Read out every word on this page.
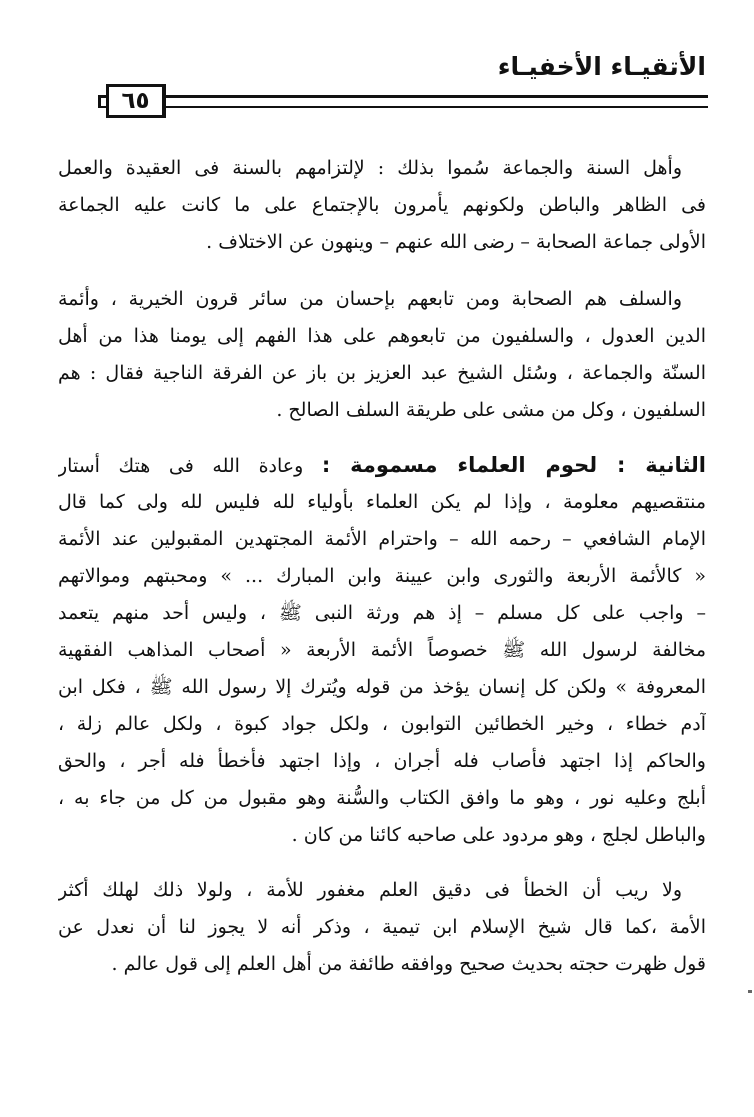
الأتقيـاء الأخفيـاء
٦٥
وأهل السنة والجماعة سُموا بذلك : لإلتزامهم بالسنة فى العقيدة والعمل
فى الظاهر والباطن ولكونهم يأمرون بالإجتماع على ما كانت عليه الجماعة
الأولى جماعة الصحابة – رضى الله عنهم – وينهون عن الاختلاف .
والسلف هم الصحابة ومن تابعهم بإحسان من سائر قرون الخيرية ، وأئمة
الدين العدول ، والسلفيون من تابعوهم على هذا الفهم إلى يومنا هذا من أهل
السنّة والجماعة ، وسُئل الشيخ عبد العزيز بن باز عن الفرقة الناجية فقال : هم
السلفيون ، وكل من مشى على طريقة السلف الصالح .
الثانية : لحوم العلماء مسمومة : وعادة الله فى هتك أستار
منتقصيهم معلومة ، وإذا لم يكن العلماء بأولياء لله فليس لله ولى كما قال
الإمام الشافعي – رحمه الله – واحترام الأئمة المجتهدين المقبولين عند الأئمة
« كالأئمة الأربعة والثورى وابن عيينة وابن المبارك ... » ومحبتهم وموالاتهم
– واجب على كل مسلم – إذ هم ورثة النبى ﷺ ، وليس أحد منهم يتعمد
مخالفة لرسول الله ﷺ خصوصاً الأئمة الأربعة « أصحاب المذاهب الفقهية
المعروفة » ولكن كل إنسان يؤخذ من قوله ويُترك إلا رسول الله ﷺ ، فكل ابن
آدم خطاء ، وخير الخطائين التوابون ، ولكل جواد كبوة ، ولكل عالم زلة ،
والحاكم إذا اجتهد فأصاب فله أجران ، وإذا اجتهد فأخطأ فله أجر ، والحق
أبلج وعليه نور ، وهو ما وافق الكتاب والسُّنة وهو مقبول من كل من جاء به ،
والباطل لجلج ، وهو مردود على صاحبه كائنا من كان .
ولا ريب أن الخطأ فى دقيق العلم مغفور للأمة ، ولولا ذلك لهلك أكثر
الأمة ،كما قال شيخ الإسلام ابن تيمية ، وذكر أنه لا يجوز لنا أن نعدل عن
قول ظهرت حجته بحديث صحيح ووافقه طائفة من أهل العلم إلى قول عالم .
